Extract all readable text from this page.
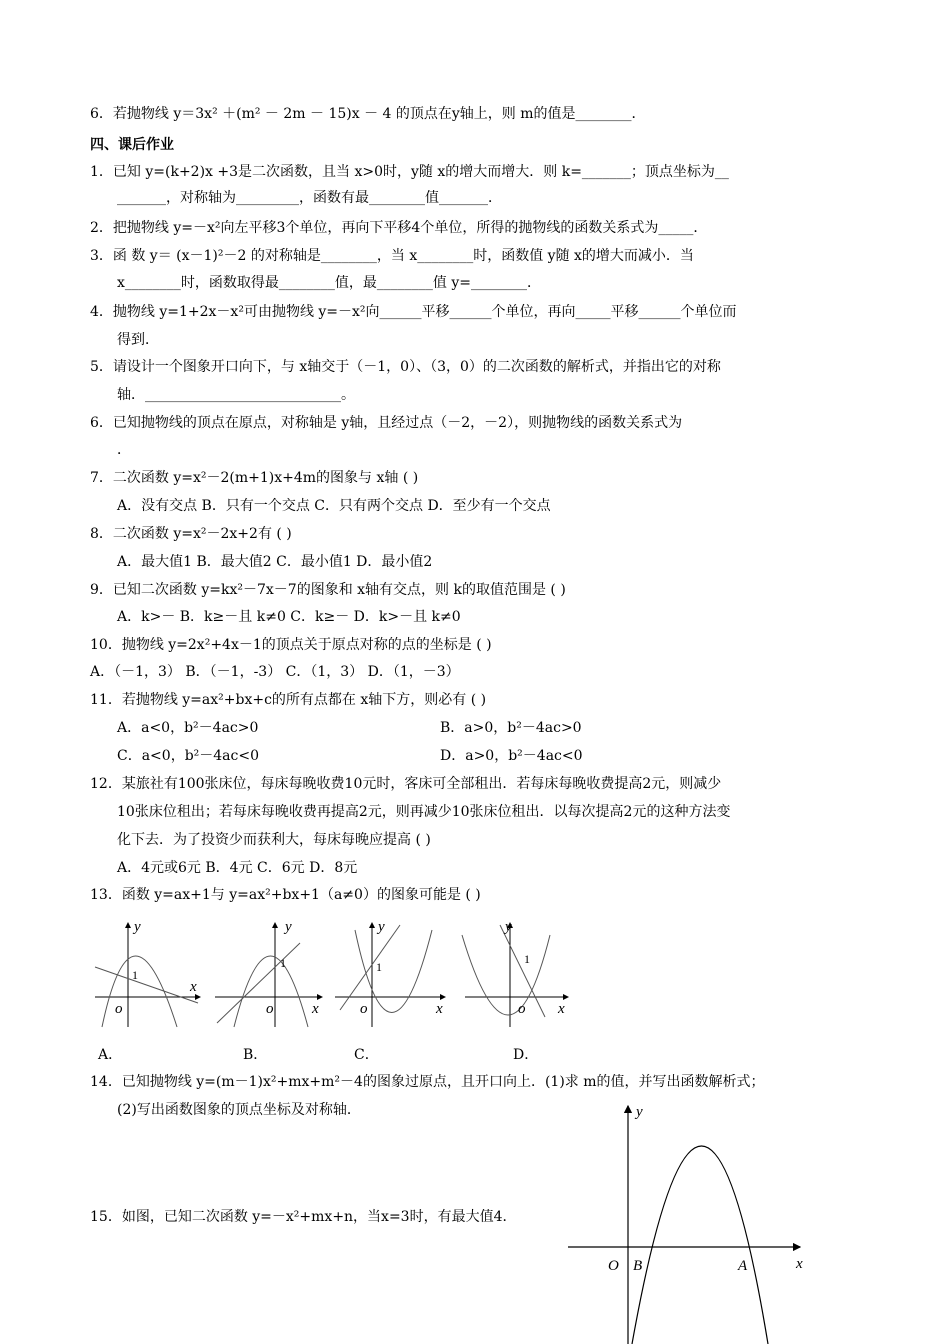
6．若抛物线 y＝3x² ＋(m² － 2m － 15)x － 4 的顶点在y轴上，则 m的值是________．
四、课后作业
1．已知 y=(k+2)x +3是二次函数，且当 x>0时，y随 x的增大而增大．则 k=_______；顶点坐标为__
_______，对称轴为_________，函数有最________值_______．
2．把抛物线 y=－x²向左平移3个单位，再向下平移4个单位，所得的抛物线的函数关系式为_____．
3．函 数 y＝ (x－1)²－2 的对称轴是________，当 x________时，函数值 y随 x的增大而减小．当
x________时，函数取得最________值，最________值 y=________．
4．抛物线 y=1+2x－x²可由抛物线 y=－x²向______平移______个单位，再向_____平移______个单位而
得到．
5．请设计一个图象开口向下，与 x轴交于（－1，0）、（3，0）的二次函数的解析式，并指出它的对称
轴．____________________________。
6．已知抛物线的顶点在原点，对称轴是 y轴，且经过点（－2，－2），则抛物线的函数关系式为
．
7．二次函数 y=x²－2(m+1)x+4m的图象与 x轴 ( )
A．没有交点 B．只有一个交点 C．只有两个交点 D．至少有一个交点
8．二次函数 y=x²－2x+2有 ( )
A．最大值1 B．最大值2 C．最小值1 D．最小值2
9．已知二次函数 y=kx²－7x－7的图象和 x轴有交点，则 k的取值范围是 ( )
A．k>－ B．k≥－且 k≠0 C．k≥－ D．k>－且 k≠0
10．抛物线 y=2x²+4x－1的顶点关于原点对称的点的坐标是 ( )
A．（－1，3） B．（－1，-3） C．（1，3） D．（1，－3）
11．若抛物线 y=ax²+bx+c的所有点都在 x轴下方，则必有 ( )
A．a<0，b²－4ac>0	B．a>0，b²－4ac>0
C．a<0，b²－4ac<0	D．a>0，b²－4ac<0
12．某旅社有100张床位，每床每晚收费10元时，客床可全部租出．若每床每晚收费提高2元，则减少
10张床位租出；若每床每晚收费再提高2元，则再减少10张床位租出．以每次提高2元的这种方法变
化下去．为了投资少而获利大，每床每晚应提高 ( )
A．4元或6元 B．4元 C．6元 D．8元
13．函数 y=ax+1与 y=ax²+bx+1（a≠0）的图象可能是 ( )
y
x
o
y
x
o
y
x
o
y
x
o
1
1	1
1
A．	B．	C．	D．
14．已知抛物线 y=(m－1)x²+mx+m²－4的图象过原点，且开口向上．(1)求 m的值，并写出函数解析式；
(2)写出函数图象的顶点坐标及对称轴．
15．如图，已知二次函数 y=－x²+mx+n，当x=3时，有最大值4．
y
x
O B	A
